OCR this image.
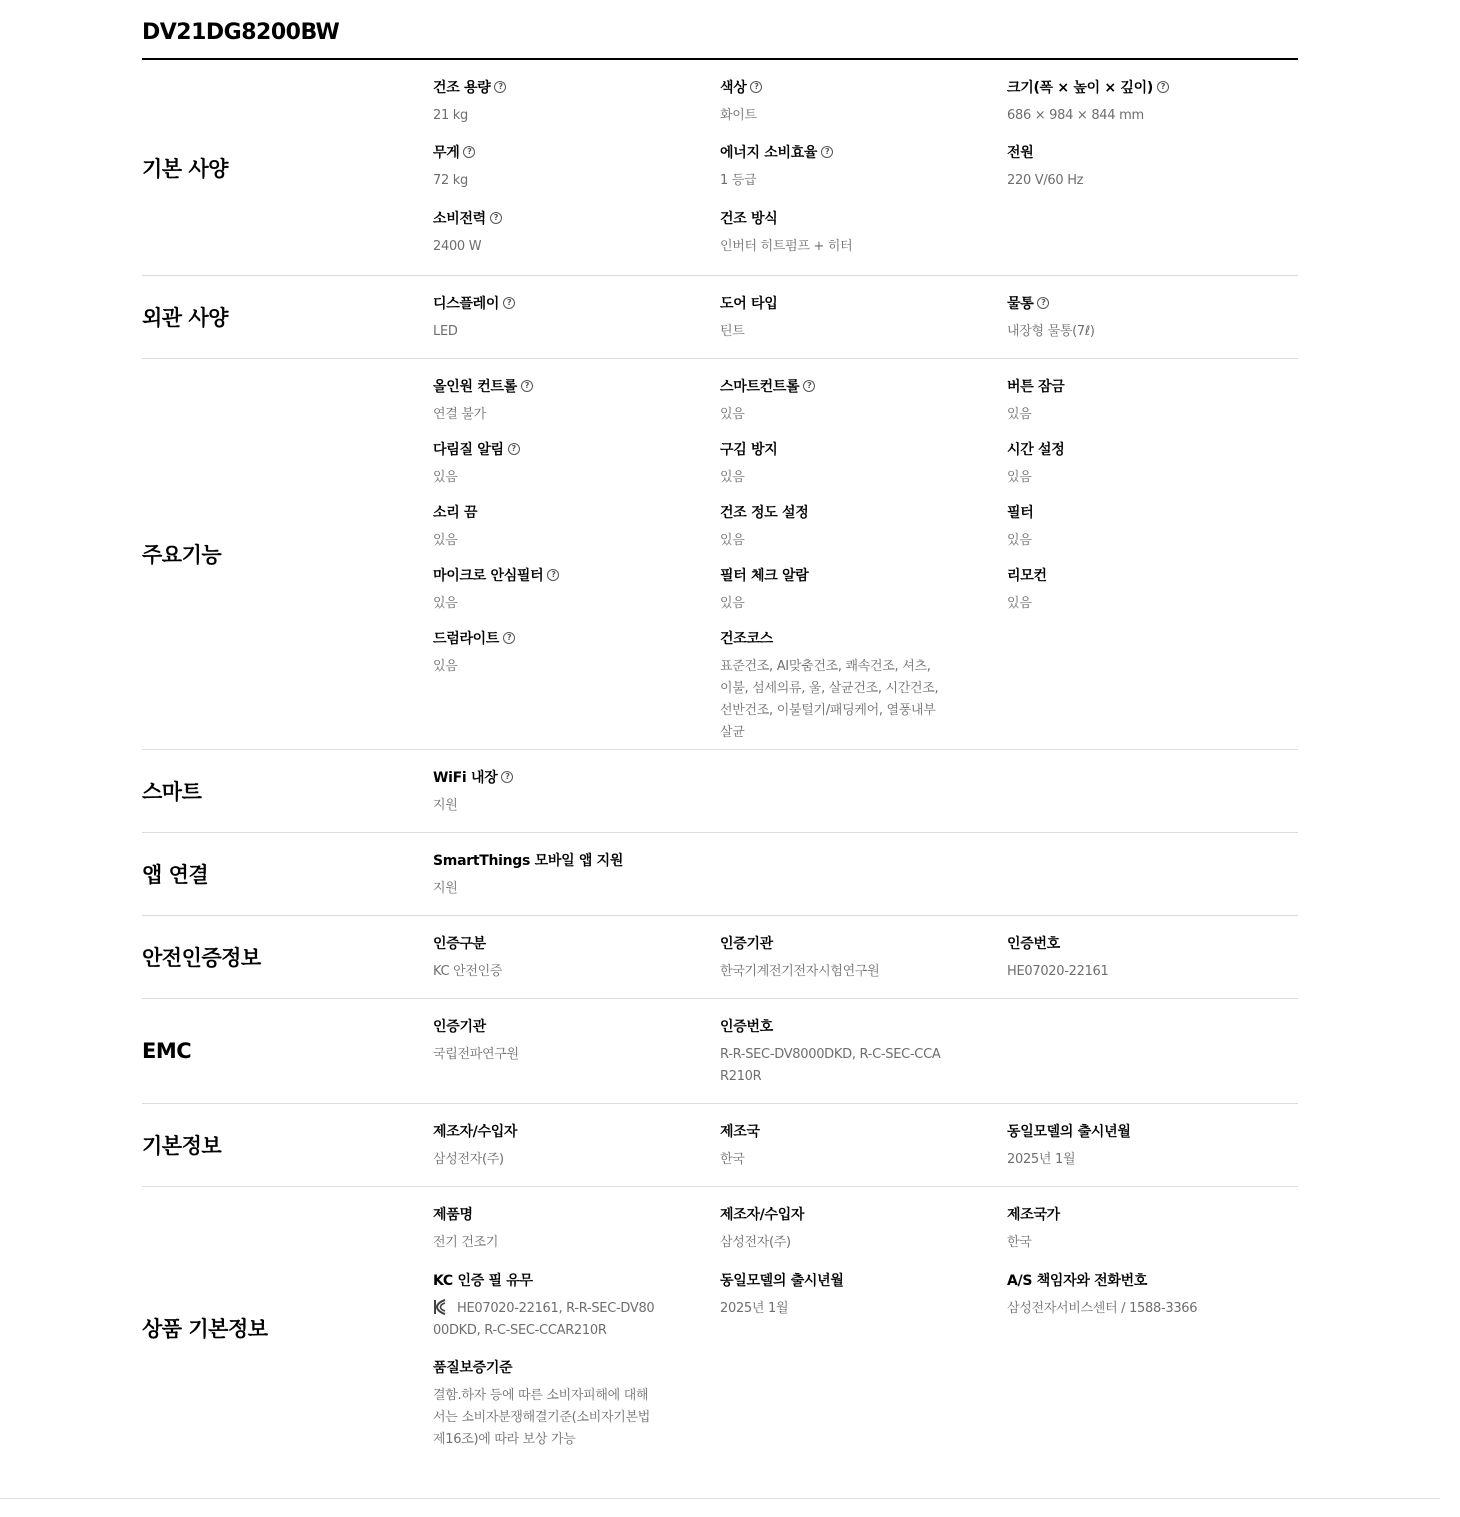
DV21DG8200BW
기본 사양
건조 용량 ?
21 kg
색상 ?
화이트
크기(폭 × 높이 × 깊이) ?
686 × 984 × 844 mm
무게 ?
72 kg
에너지 소비효율 ?
1 등급
전원
220 V/60 Hz
소비전력 ?
2400 W
건조 방식
인버터 히트펌프 + 히터
외관 사양
디스플레이 ?
LED
도어 타입
틴트
물통 ?
내장형 물통(7ℓ)
주요기능
올인원 컨트롤 ?
연결 불가
스마트컨트롤 ?
있음
버튼 잠금
있음
다림질 알림 ?
있음
구김 방지
있음
시간 설정
있음
소리 끔
있음
건조 정도 설정
있음
필터
있음
마이크로 안심필터 ?
있음
필터 체크 알람
있음
리모컨
있음
드럼라이트 ?
있음
건조코스
표준건조, AI맞춤건조, 쾌속건조, 셔츠, 이불, 섬세의류, 울, 살균건조, 시간건조, 선반건조, 이불털기/패딩케어, 열풍내부살균
스마트
WiFi 내장 ?
지원
앱 연결
SmartThings 모바일 앱 지원
지원
안전인증정보
인증구분
KC 안전인증
인증기관
한국기계전기전자시험연구원
인증번호
HE07020-22161
EMC
인증기관
국립전파연구원
인증번호
R-R-SEC-DV8000DKD, R-C-SEC-CCAR210R
기본정보
제조자/수입자
삼성전자(주)
제조국
한국
동일모델의 출시년월
2025년 1월
상품 기본정보
제품명
전기 건조기
제조자/수입자
삼성전자(주)
제조국가
한국
KC 인증 필 유무
HE07020-22161, R-R-SEC-DV8000DKD, R-C-SEC-CCAR210R
동일모델의 출시년월
2025년 1월
A/S 책임자와 전화번호
삼성전자서비스센터 / 1588-3366
품질보증기준
결함.하자 등에 따른 소비자피해에 대해서는 소비자분쟁해결기준(소비자기본법 제16조)에 따라 보상 가능
